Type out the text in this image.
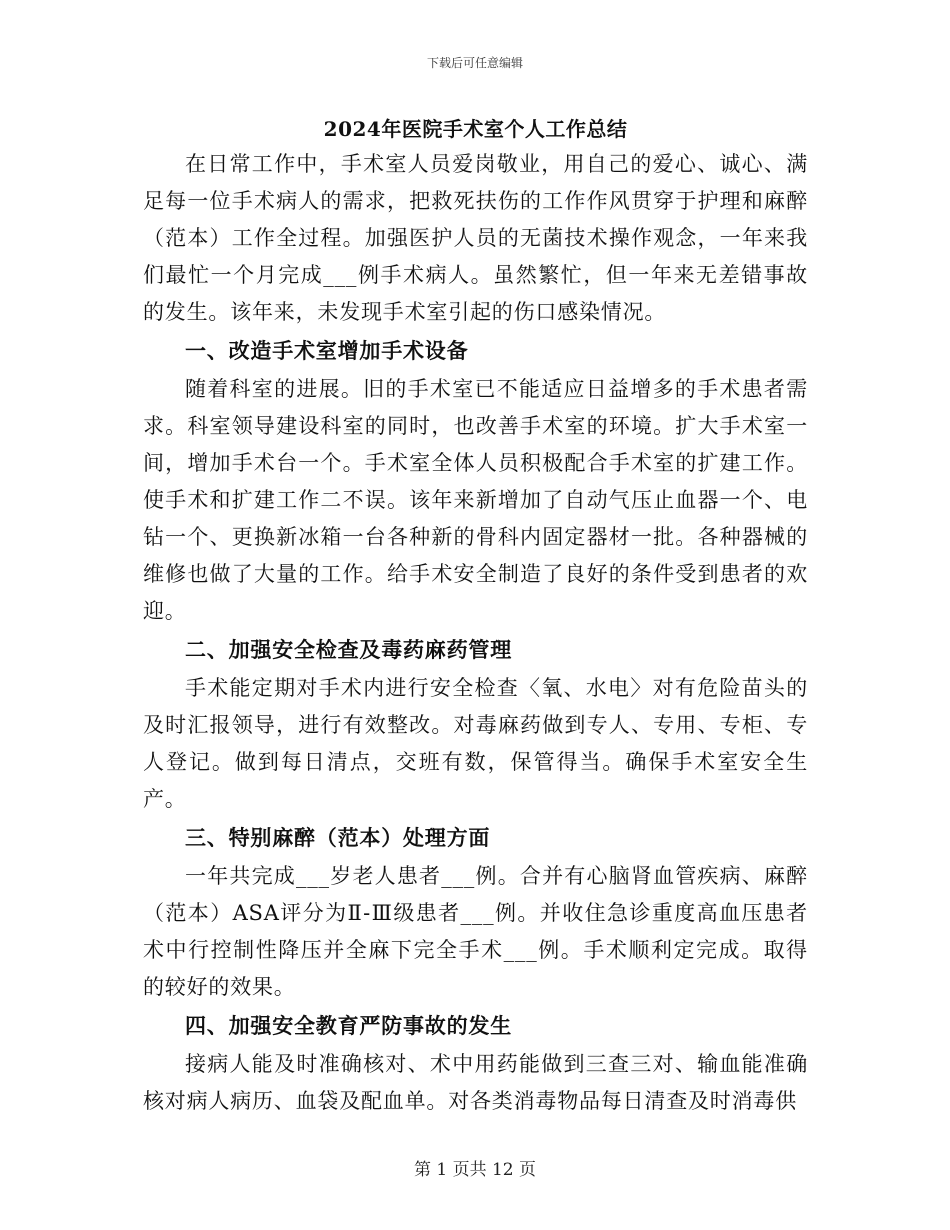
下载后可任意编辑
2024年医院手术室个人工作总结

在日常工作中，手术室人员爱岗敬业，用自己的爱心、诚心、满足每一位手术病人的需求，把救死扶伤的工作作风贯穿于护理和麻醉（范本）工作全过程。加强医护人员的无菌技术操作观念，一年来我们最忙一个月完成___例手术病人。虽然繁忙，但一年来无差错事故的发生。该年来，未发现手术室引起的伤口感染情况。

一、改造手术室增加手术设备

随着科室的进展。旧的手术室已不能适应日益增多的手术患者需求。科室领导建设科室的同时，也改善手术室的环境。扩大手术室一间，增加手术台一个。手术室全体人员积极配合手术室的扩建工作。使手术和扩建工作二不误。该年来新增加了自动气压止血器一个、电钻一个、更换新冰箱一台各种新的骨科内固定器材一批。各种器械的维修也做了大量的工作。给手术安全制造了良好的条件受到患者的欢迎。

二、加强安全检查及毒药麻药管理

手术能定期对手术内进行安全检查〈氧、水电〉对有危险苗头的及时汇报领导，进行有效整改。对毒麻药做到专人、专用、专柜、专人登记。做到每日清点，交班有数，保管得当。确保手术室安全生产。

三、特别麻醉（范本）处理方面

一年共完成___岁老人患者___例。合并有心脑肾血管疾病、麻醉（范本）ASA评分为Ⅱ-Ⅲ级患者___例。并收住急诊重度高血压患者术中行控制性降压并全麻下完全手术___例。手术顺利定完成。取得的较好的效果。

四、加强安全教育严防事故的发生

接病人能及时准确核对、术中用药能做到三查三对、输血能准确核对病人病历、血袋及配血单。对各类消毒物品每日清查及时消毒供

第 1 页共 12 页
